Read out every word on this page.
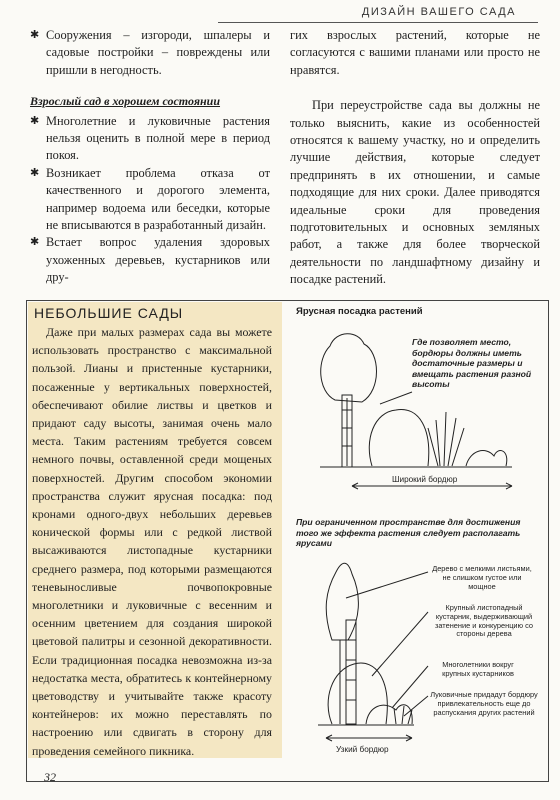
ДИЗАЙН ВАШЕГО САДА
✱ Сооружения – изгороди, шпалеры и садовые постройки – повреждены или пришли в негодность.
Взрослый сад в хорошем состоянии
✱ Многолетние и луковичные растения нельзя оценить в полной мере в период покоя.
✱ Возникает проблема отказа от качественного и дорогого элемента, например водоема или беседки, которые не вписываются в разработанный дизайн.
✱ Встает вопрос удаления здоровых ухоженных деревьев, кустарников или дру-

гих взрослых растений, которые не согласуются с вашими планами или просто не нравятся.

При переустройстве сада вы должны не только выяснить, какие из особенностей относятся к вашему участку, но и определить лучшие действия, которые следует предпринять в их отношении, и самые подходящие для них сроки. Далее приводятся идеальные сроки для проведения подготовительных и основных земляных работ, а также для более творческой деятельности по ландшафтному дизайну и посадке растений.

НЕБОЛЬШИЕ САДЫ
Даже при малых размерах сада вы можете использовать пространство с максимальной пользой. Лианы и пристенные кустарники, посаженные у вертикальных поверхностей, обеспечивают обилие листвы и цветков и придают саду высоты, занимая очень мало места. Таким растениям требуется совсем немного почвы, оставленной среди мощеных поверхностей. Другим способом экономии пространства служит ярусная посадка: под кронами одного-двух небольших деревьев конической формы или с редкой листвой высаживаются листопадные кустарники среднего размера, под которыми размещаются теневыносливые почвопокровные многолетники и луковичные с весенним и осенним цветением для создания широкой цветовой палитры и сезонной декоративности. Если традиционная посадка невозможна из-за недостатка места, обратитесь к контейнерному цветоводству и учитывайте также красоту контейнеров: их можно переставлять по настроению или сдвигать в сторону для проведения семейного пикника.
Ярусная посадка растений
Где позволяет место, бордюры должны иметь достаточные размеры и вмещать растения разной высоты
Широкий бордюр
При ограниченном пространстве для достижения того же эффекта растения следует располагать ярусами
Дерево с мелкими листьями, не слишком густое или мощное
Крупный листопадный кустарник, выдерживающий затенение и конкуренцию со стороны дерева
Многолетники вокруг крупных кустарников
Луковичные придадут бордюру привлекательность еще до распускания других растений
Узкий бордюр
32
